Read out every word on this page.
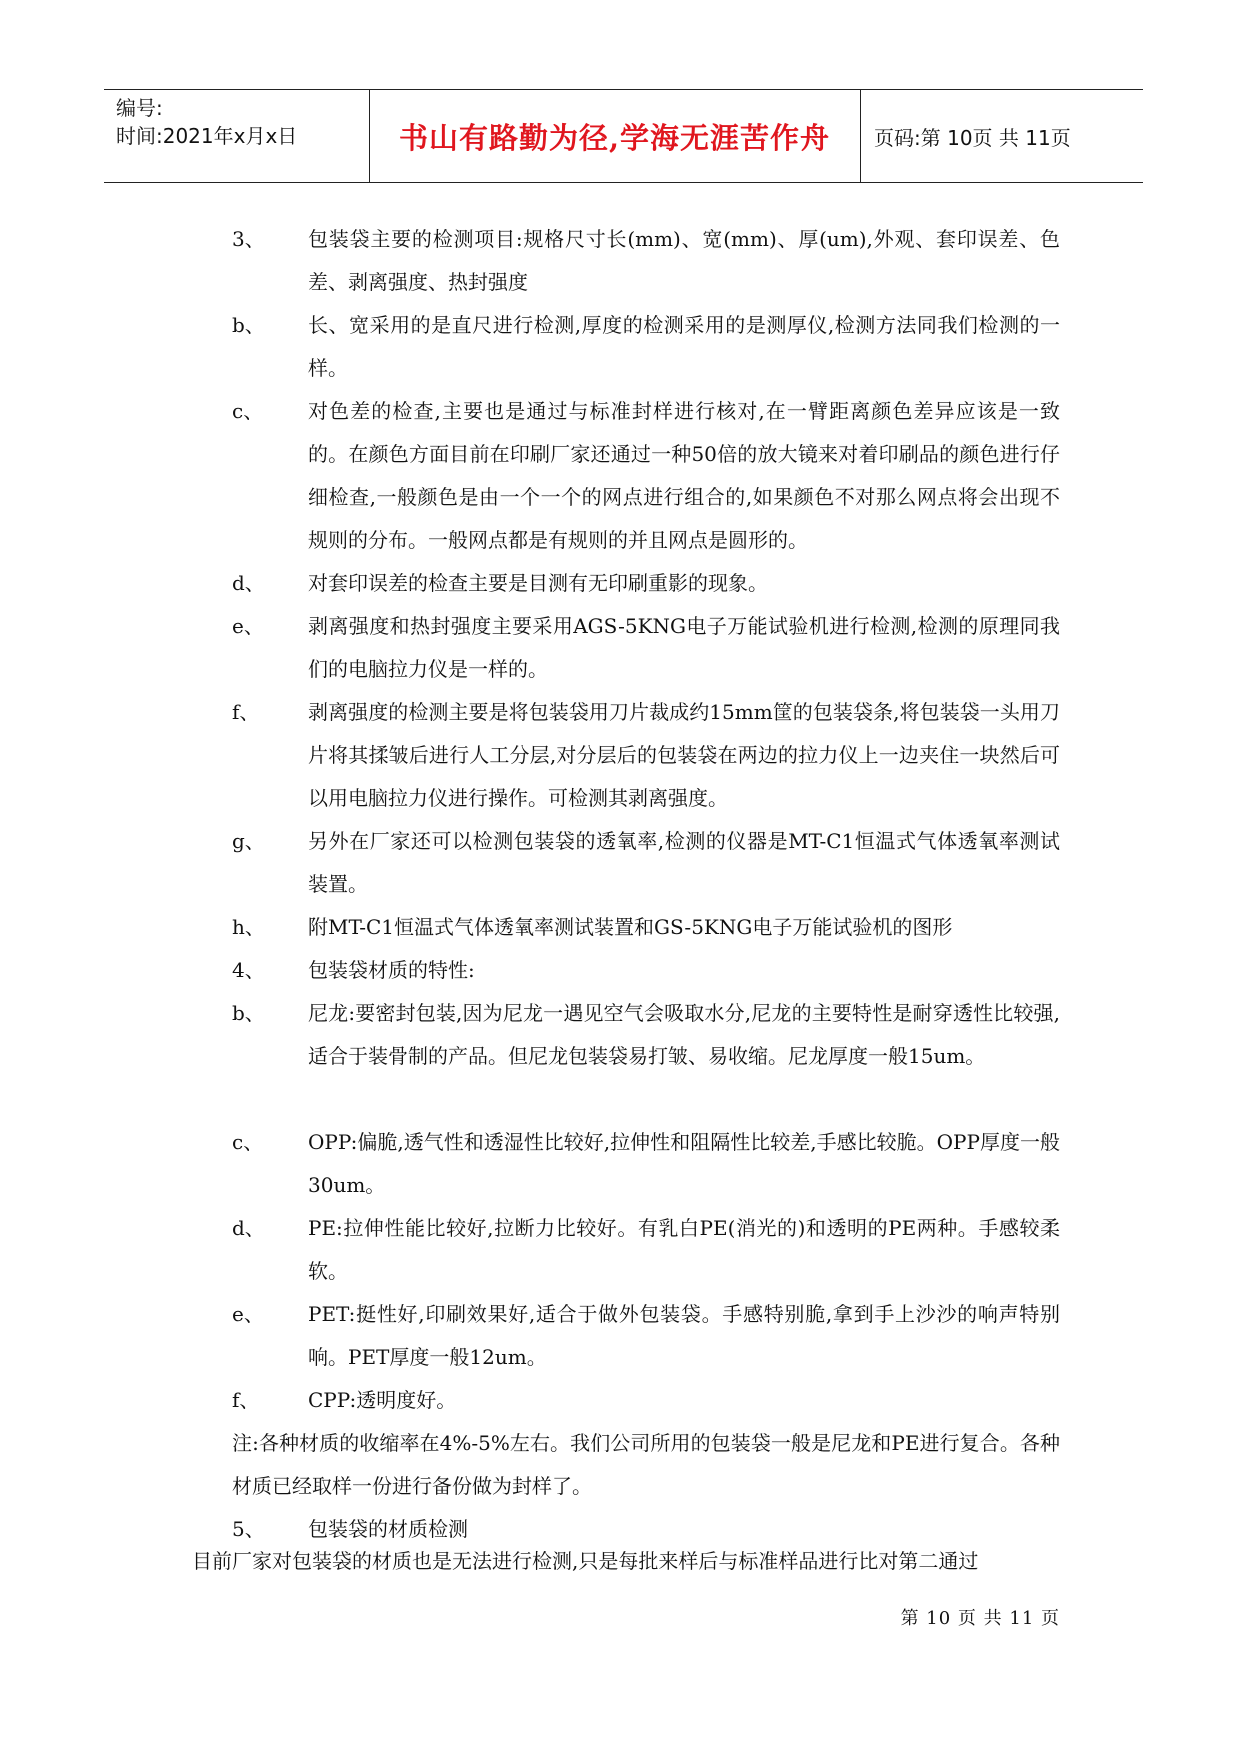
编号:
时间:2021年x月x日	书山有路勤为径,学海无涯苦作舟	页码:第 10页 共 11页
3、 包装袋主要的检测项目:规格尺寸长(mm)、宽(mm)、厚(um),外观、套印误差、色差、剥离强度、热封强度
b、 长、宽采用的是直尺进行检测,厚度的检测采用的是测厚仪,检测方法同我们检测的一样。
c、 对色差的检查,主要也是通过与标准封样进行核对,在一臂距离颜色差异应该是一致的。在颜色方面目前在印刷厂家还通过一种50倍的放大镜来对着印刷品的颜色进行仔细检查,一般颜色是由一个一个的网点进行组合的,如果颜色不对那么网点将会出现不规则的分布。一般网点都是有规则的并且网点是圆形的。
d、 对套印误差的检查主要是目测有无印刷重影的现象。
e、 剥离强度和热封强度主要采用AGS-5KNG电子万能试验机进行检测,检测的原理同我们的电脑拉力仪是一样的。
f、 剥离强度的检测主要是将包装袋用刀片裁成约15mm筐的包装袋条,将包装袋一头用刀片将其揉皱后进行人工分层,对分层后的包装袋在两边的拉力仪上一边夹住一块然后可以用电脑拉力仪进行操作。可检测其剥离强度。
g、 另外在厂家还可以检测包装袋的透氧率,检测的仪器是MT-C1恒温式气体透氧率测试装置。
h、 附MT-C1恒温式气体透氧率测试装置和GS-5KNG电子万能试验机的图形
4、 包装袋材质的特性:
b、 尼龙:要密封包装,因为尼龙一遇见空气会吸取水分,尼龙的主要特性是耐穿透性比较强,适合于装骨制的产品。但尼龙包装袋易打皱、易收缩。尼龙厚度一般15um。
c、 OPP:偏脆,透气性和透湿性比较好,拉伸性和阻隔性比较差,手感比较脆。OPP厚度一般30um。
d、 PE:拉伸性能比较好,拉断力比较好。有乳白PE(消光的)和透明的PE两种。手感较柔软。
e、 PET:挺性好,印刷效果好,适合于做外包装袋。手感特别脆,拿到手上沙沙的响声特别响。PET厚度一般12um。
f、 CPP:透明度好。
注:各种材质的收缩率在4%-5%左右。我们公司所用的包装袋一般是尼龙和PE进行复合。各种材质已经取样一份进行备份做为封样了。
5、 包装袋的材质检测
目前厂家对包装袋的材质也是无法进行检测,只是每批来样后与标准样品进行比对第二通过
第 10 页 共 11 页
